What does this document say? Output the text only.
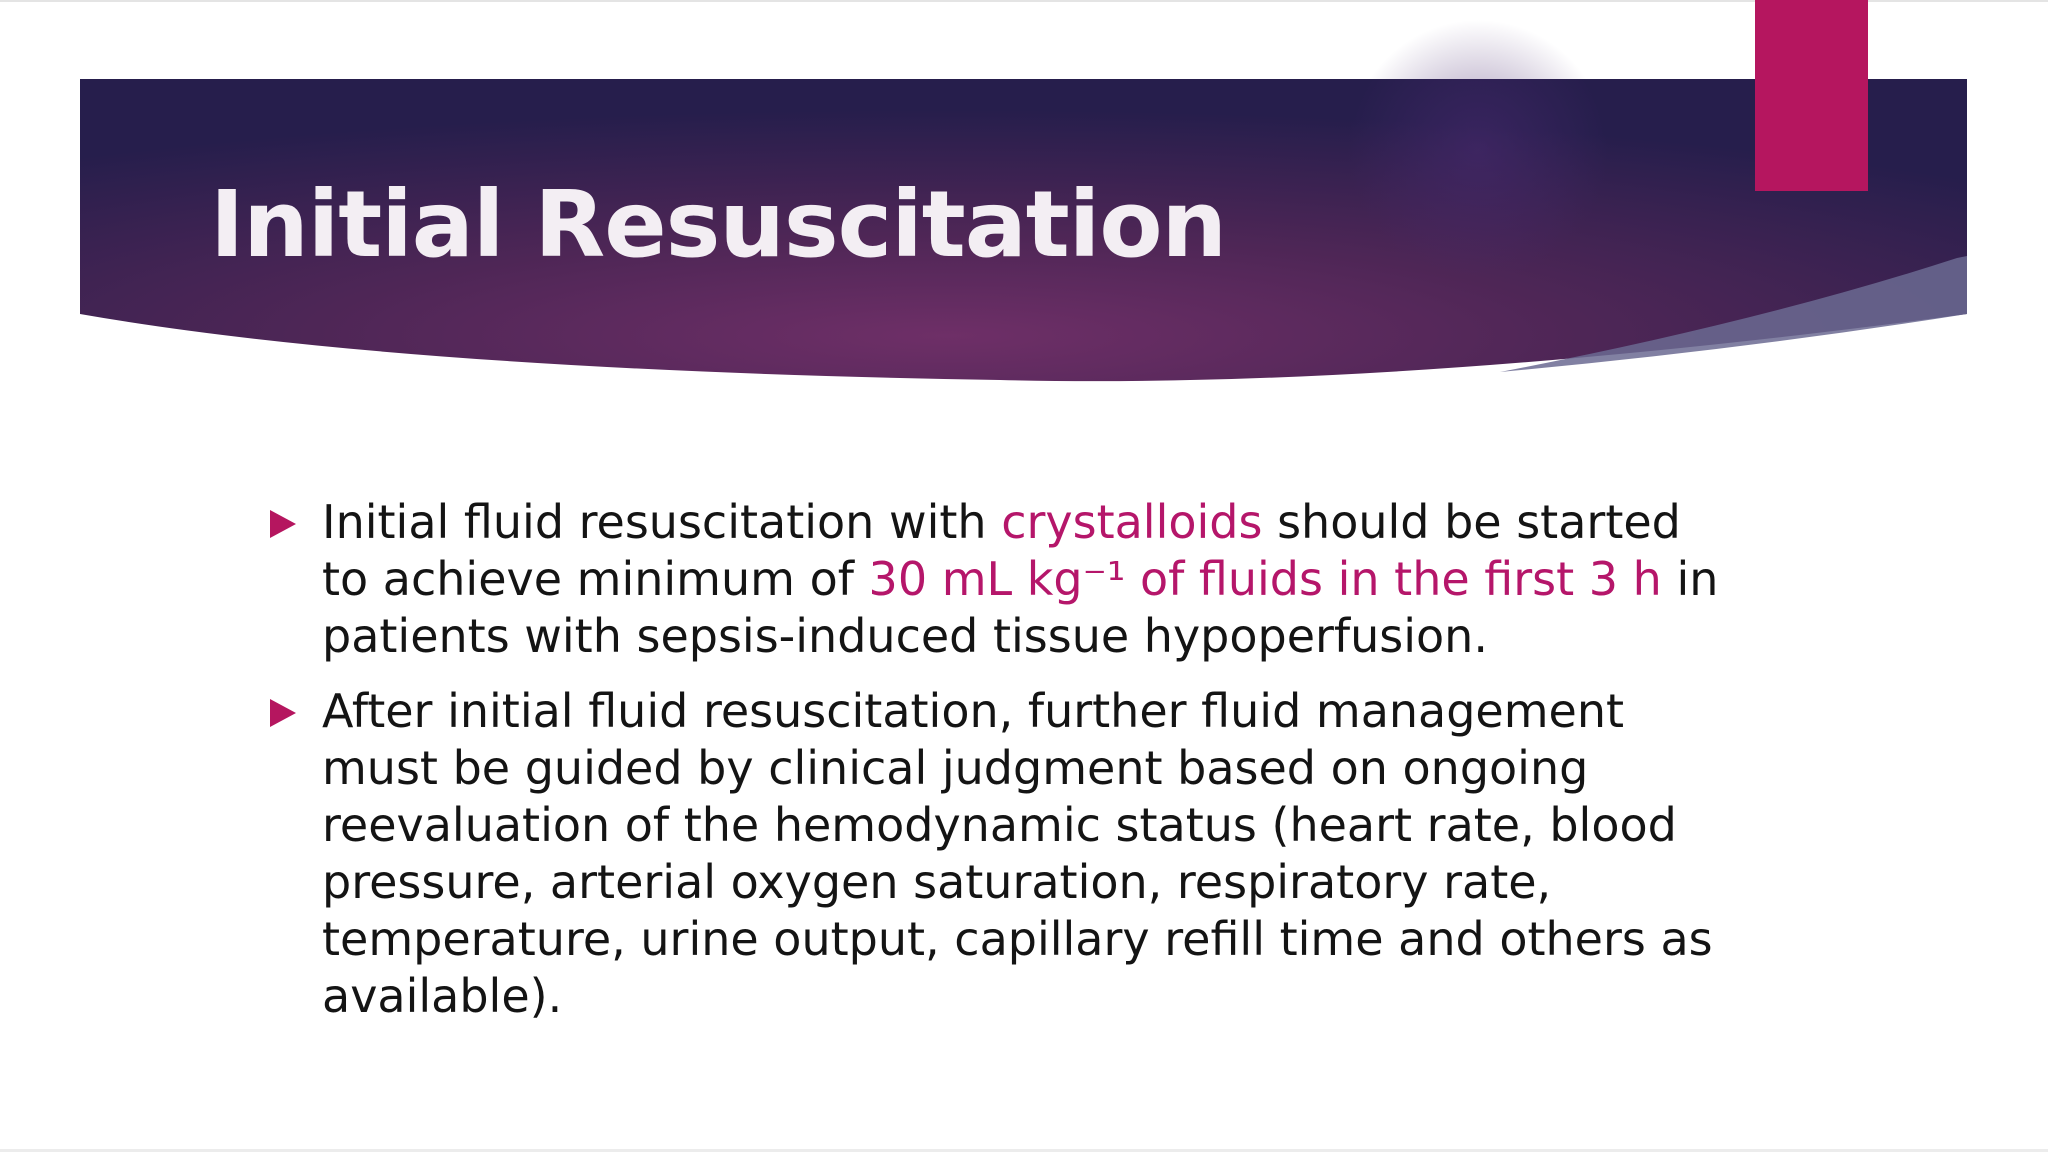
Initial Resuscitation
Initial fluid resuscitation with crystalloids should be started to achieve minimum of 30 mL kg⁻¹ of fluids in the first 3 h in patients with sepsis-induced tissue hypoperfusion.
After initial fluid resuscitation, further fluid management must be guided by clinical judgment based on ongoing reevaluation of the hemodynamic status (heart rate, blood pressure, arterial oxygen saturation, respiratory rate, temperature, urine output, capillary refill time and others as available).
